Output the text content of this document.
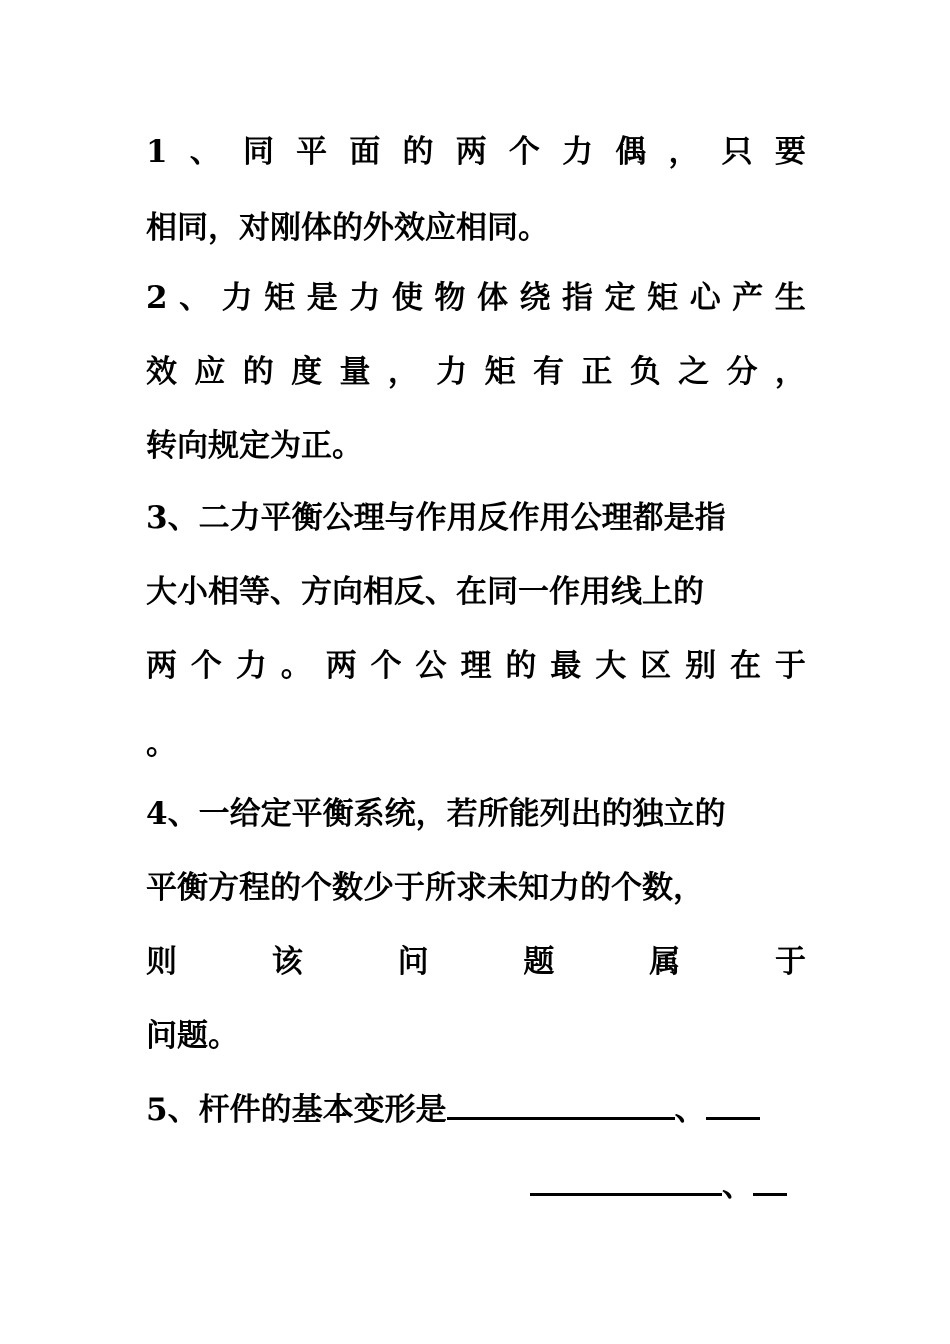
1 、 同 平 面 的 两 个 力 偶 ， 只 要
相同，对刚体的外效应相同。
2 、 力 矩 是 力 使 物 体 绕 指 定 矩 心 产 生
效 应 的 度 量 ， 力 矩 有 正 负 之 分 ，
转向规定为正。
3、二力平衡公理与作用反作用公理都是指
大小相等、方向相反、在同一作用线上的
两 个 力 。 两 个 公 理 的 最 大 区 别 在 于
。
4、一给定平衡系统，若所能列出的独立的
平衡方程的个数少于所求未知力的个数，
则	该	问	题	属	于
问题。
5、杆件的基本变形是	、
、
